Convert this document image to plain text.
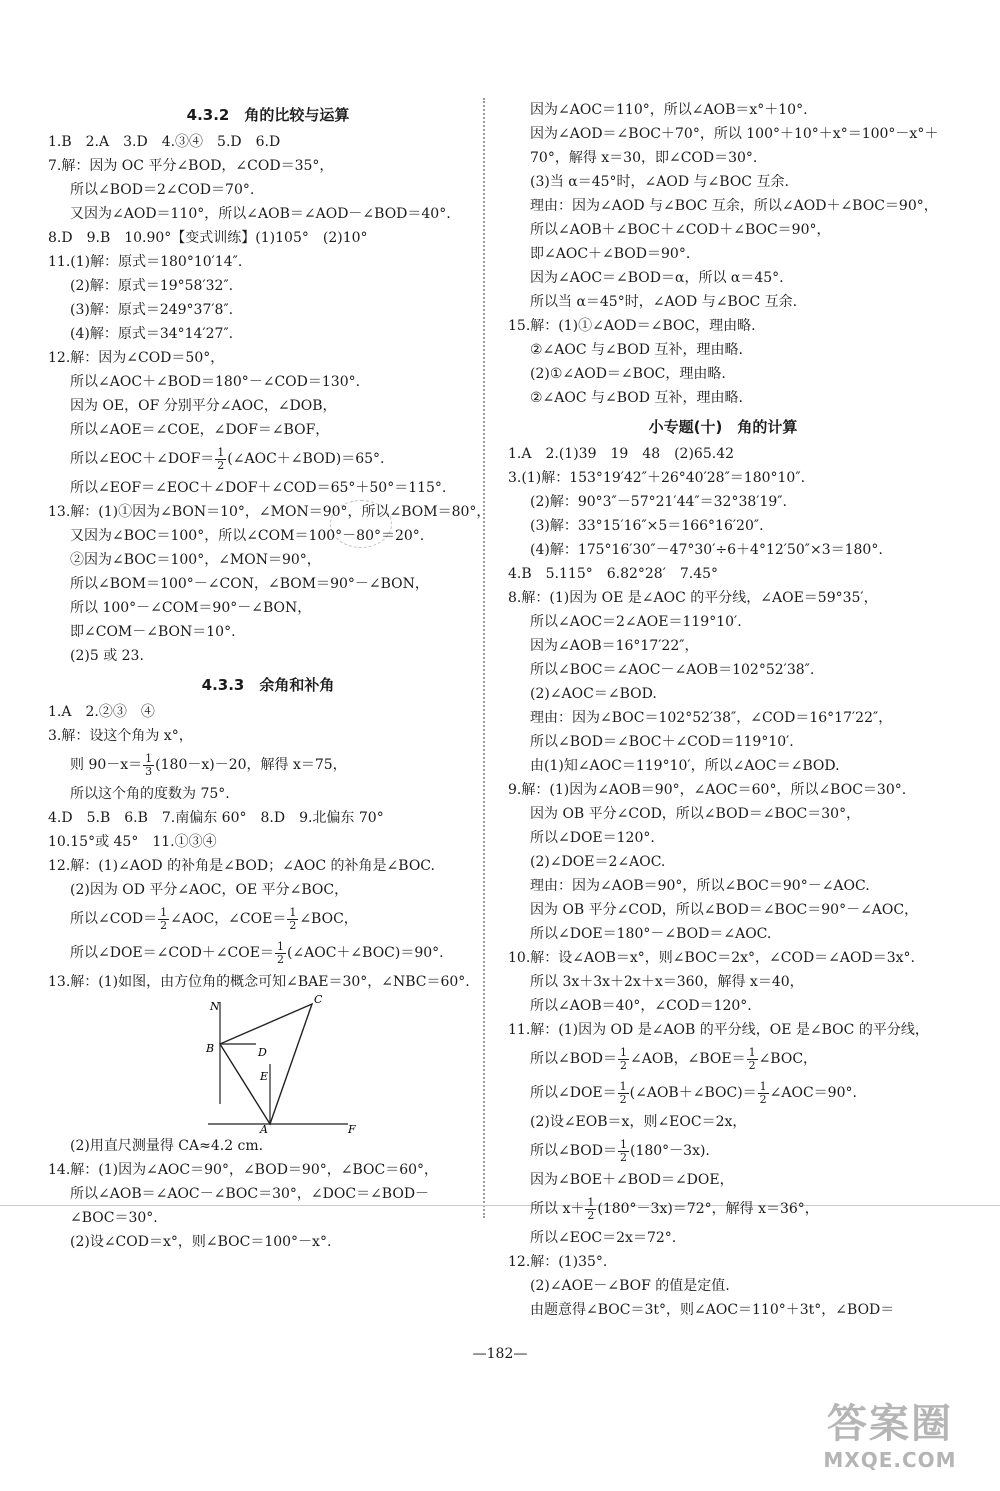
4.3.2　角的比较与运算
1.B　2.A　3.D　4.③④　5.D　6.D
7.解：因为 OC 平分∠BOD，∠COD＝35°，
所以∠BOD＝2∠COD＝70°.
又因为∠AOD＝110°，所以∠AOB＝∠AOD－∠BOD＝40°.
8.D　9.B　10.90°【变式训练】(1)105°　(2)10°
11.(1)解：原式＝180°10′14″.
(2)解：原式＝19°58′32″.
(3)解：原式＝249°37′8″.
(4)解：原式＝34°14′27″.
12.解：因为∠COD＝50°，
所以∠AOC＋∠BOD＝180°－∠COD＝130°.
因为 OE，OF 分别平分∠AOC，∠DOB，
所以∠AOE＝∠COE，∠DOF＝∠BOF，
所以∠EOC＋∠DOF＝ $\frac{1}{2}$ (∠AOC＋∠BOD)＝65°.
所以∠EOF＝∠EOC＋∠DOF＋∠COD＝65°＋50°＝115°.
13.解：(1)①因为∠BON＝10°，∠MON＝90°，所以∠BOM＝80°，
又因为∠BOC＝100°，所以∠COM＝100°－80°＝20°.
②因为∠BOC＝100°，∠MON＝90°，
所以∠BOM＝100°－∠CON，∠BOM＝90°－∠BON，
所以 100°－∠COM＝90°－∠BON，
即∠COM－∠BON＝10°.
(2)5 或 23.
4.3.3　余角和补角
1.A　2.②③　④
3.解：设这个角为 x°，
则 $90-x= \frac{1}{3} (180-x)-20$，解得 x＝75，
所以这个角的度数为 75°.
4.D　5.B　6.B　7.南偏东 60°　8.D　9.北偏东 70°
10.15°或 45°　11.①③④
12.解：(1)∠AOD 的补角是∠BOD；∠AOC 的补角是∠BOC.
(2)因为 OD 平分∠AOC，OE 平分∠BOC，
所以∠COD＝ $\frac{1}{2}$ ∠AOC，∠COE＝ $\frac{1}{2}$ ∠BOC，
所以∠DOE＝∠COD＋∠COE＝ $\frac{1}{2}$ (∠AOC＋∠BOC)＝90°.
13.解：(1)如图，由方位角的概念可知∠BAE＝30°，∠NBC＝60°.
N
C
B	D
E
A	F
(2)用直尺测量得 CA≈4.2 cm.
14.解：(1)因为∠AOC＝90°，∠BOD＝90°，∠BOC＝60°，
所以∠AOB＝∠AOC－∠BOC＝30°，∠DOC＝∠BOD－
∠BOC＝30°.
(2)设∠COD＝x°，则∠BOC＝100°－x°.
因为∠AOC＝110°，所以∠AOB＝x°＋10°.
因为∠AOD＝∠BOC＋70°，所以 100°＋10°＋x°＝100°－x°＋
70°，解得 x＝30，即∠COD＝30°.
(3)当 α＝45°时，∠AOD 与∠BOC 互余.
理由：因为∠AOD 与∠BOC 互余，所以∠AOD＋∠BOC＝90°，
所以∠AOB＋∠BOC＋∠COD＋∠BOC＝90°，
即∠AOC＋∠BOD＝90°.
因为∠AOC＝∠BOD＝α，所以 α＝45°.
所以当 α＝45°时，∠AOD 与∠BOC 互余.
15.解：(1)①∠AOD＝∠BOC，理由略.
②∠AOC 与∠BOD 互补，理由略.
(2)①∠AOD＝∠BOC，理由略.
②∠AOC 与∠BOD 互补，理由略.
小专题(十)　角的计算
1.A　2.(1)39　19　48　(2)65.42
3.(1)解：153°19′42″＋26°40′28″＝180°10″.
(2)解：90°3″－57°21′44″＝32°38′19″.
(3)解：33°15′16″×5＝166°16′20″.
(4)解：175°16′30″－47°30′÷6＋4°12′50″×3＝180°.
4.B　5.115°　6.82°28′　7.45°
8.解：(1)因为 OE 是∠AOC 的平分线，∠AOE＝59°35′，
所以∠AOC＝2∠AOE＝119°10′.
因为∠AOB＝16°17′22″，
所以∠BOC＝∠AOC－∠AOB＝102°52′38″.
(2)∠AOC＝∠BOD.
理由：因为∠BOC＝102°52′38″，∠COD＝16°17′22″，
所以∠BOD＝∠BOC＋∠COD＝119°10′.
由(1)知∠AOC＝119°10′，所以∠AOC＝∠BOD.
9.解：(1)因为∠AOB＝90°，∠AOC＝60°，所以∠BOC＝30°.
因为 OB 平分∠COD，所以∠BOD＝∠BOC＝30°，
所以∠DOE＝120°.
(2)∠DOE＝2∠AOC.
理由：因为∠AOB＝90°，所以∠BOC＝90°－∠AOC.
因为 OB 平分∠COD，所以∠BOD＝∠BOC＝90°－∠AOC，
所以∠DOE＝180°－∠BOD＝∠AOC.
10.解：设∠AOB＝x°，则∠BOC＝2x°，∠COD＝∠AOD＝3x°.
所以 3x＋3x＋2x＋x＝360，解得 x＝40，
所以∠AOB＝40°，∠COD＝120°.
11.解：(1)因为 OD 是∠AOB 的平分线，OE 是∠BOC 的平分线，
所以∠BOD＝ $\frac{1}{2}$ ∠AOB，∠BOE＝ $\frac{1}{2}$ ∠BOC，
所以∠DOE＝ $\frac{1}{2}$ (∠AOB＋∠BOC)＝ $\frac{1}{2}$ ∠AOC＝90°.
(2)设∠EOB＝x，则∠EOC＝2x，
所以∠BOD＝ $\frac{1}{2} (180^\circ-3x)$.
因为∠BOE＋∠BOD＝∠DOE，
所以 $x+ \frac{1}{2} (180^\circ-3x)=72^\circ$，解得 x＝36°，
所以∠EOC＝2x＝72°.
12.解：(1)35°.
(2)∠AOE－∠BOF 的值是定值.
由题意得∠BOC＝3t°，则∠AOC＝110°＋3t°，∠BOD＝
—182—
答案圈
MXQE.COM
